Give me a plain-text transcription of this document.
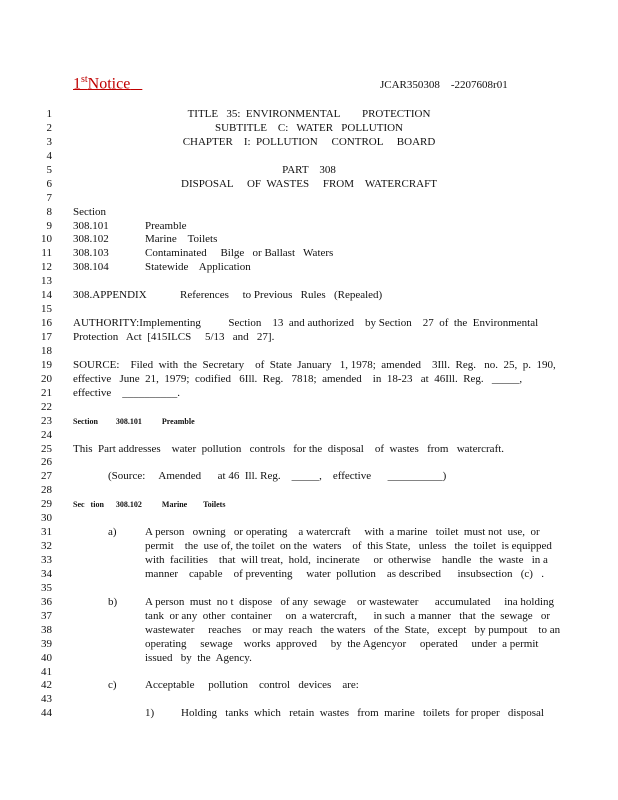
1stNotice	JCAR350308    -2207608r01
1	TITLE   35:  ENVIRONMENTAL        PROTECTION
2	SUBTITLE    C:   WATER   POLLUTION
3	CHAPTER    I:  POLLUTION     CONTROL     BOARD
4
5	PART    308
6	DISPOSAL     OF  WASTES     FROM    WATERCRAFT
7
8 Section
9 308.101	Preamble
10 308.102	Marine    Toilets
11 308.103	Contaminated     Bilge   or Ballast   Waters
12 308.104	Statewide    Application
13
14 308.APPENDIX	References     to Previous   Rules   (Repealed)
15
16 AUTHORITY:Implementing          Section    13  and authorized    by Section    27  of  the  Environmental
17 Protection   Act  [415ILCS     5/13   and   27].
18
19 SOURCE:    Filed  with  the  Secretary    of  State  January   1, 1978;  amended    3Ill.  Reg.   no.  25,  p.  190,
20 effective   June  21,  1979;  codified   6Ill.  Reg.   7818;  amended    in  18-23   at  46Ill.  Reg.   _____,
21 effective    __________.
22
23	Section         308.101          Preamble
24
25 This  Part addresses    water  pollution   controls   for the  disposal    of  wastes   from   watercraft.
26
27	(Source:     Amended      at 46  Ill. Reg.    _____,    effective      __________)
28
29	Sec   tion      308.102          Marine        Toilets
30
31	a)	A person   owning   or operating    a watercraft     with  a marine   toilet  must not  use,  or
32	permit    the  use of, the toilet  on the  waters    of  this State,   unless   the  toilet  is equipped
33	with  facilities    that  will treat,  hold,  incinerate     or  otherwise    handle   the  waste   in a
34	manner    capable    of preventing     water  pollution    as described      insubsection   (c)   .
35
36	b)	A person  must  no t  dispose   of any  sewage    or wastewater      accumulated     ina holding
37	tank  or any  other  container     on  a watercraft,      in such  a manner   that  the  sewage   or
38	wastewater     reaches    or may  reach   the waters   of the  State,   except   by pumpout    to an
39	operating     sewage    works  approved     by  the Agencyor     operated     under  a permit
40	issued   by  the  Agency.
41
42	c)	Acceptable     pollution    control   devices    are:
43
44	1) Holding   tanks  which   retain  wastes   from  marine   toilets  for proper   disposal
